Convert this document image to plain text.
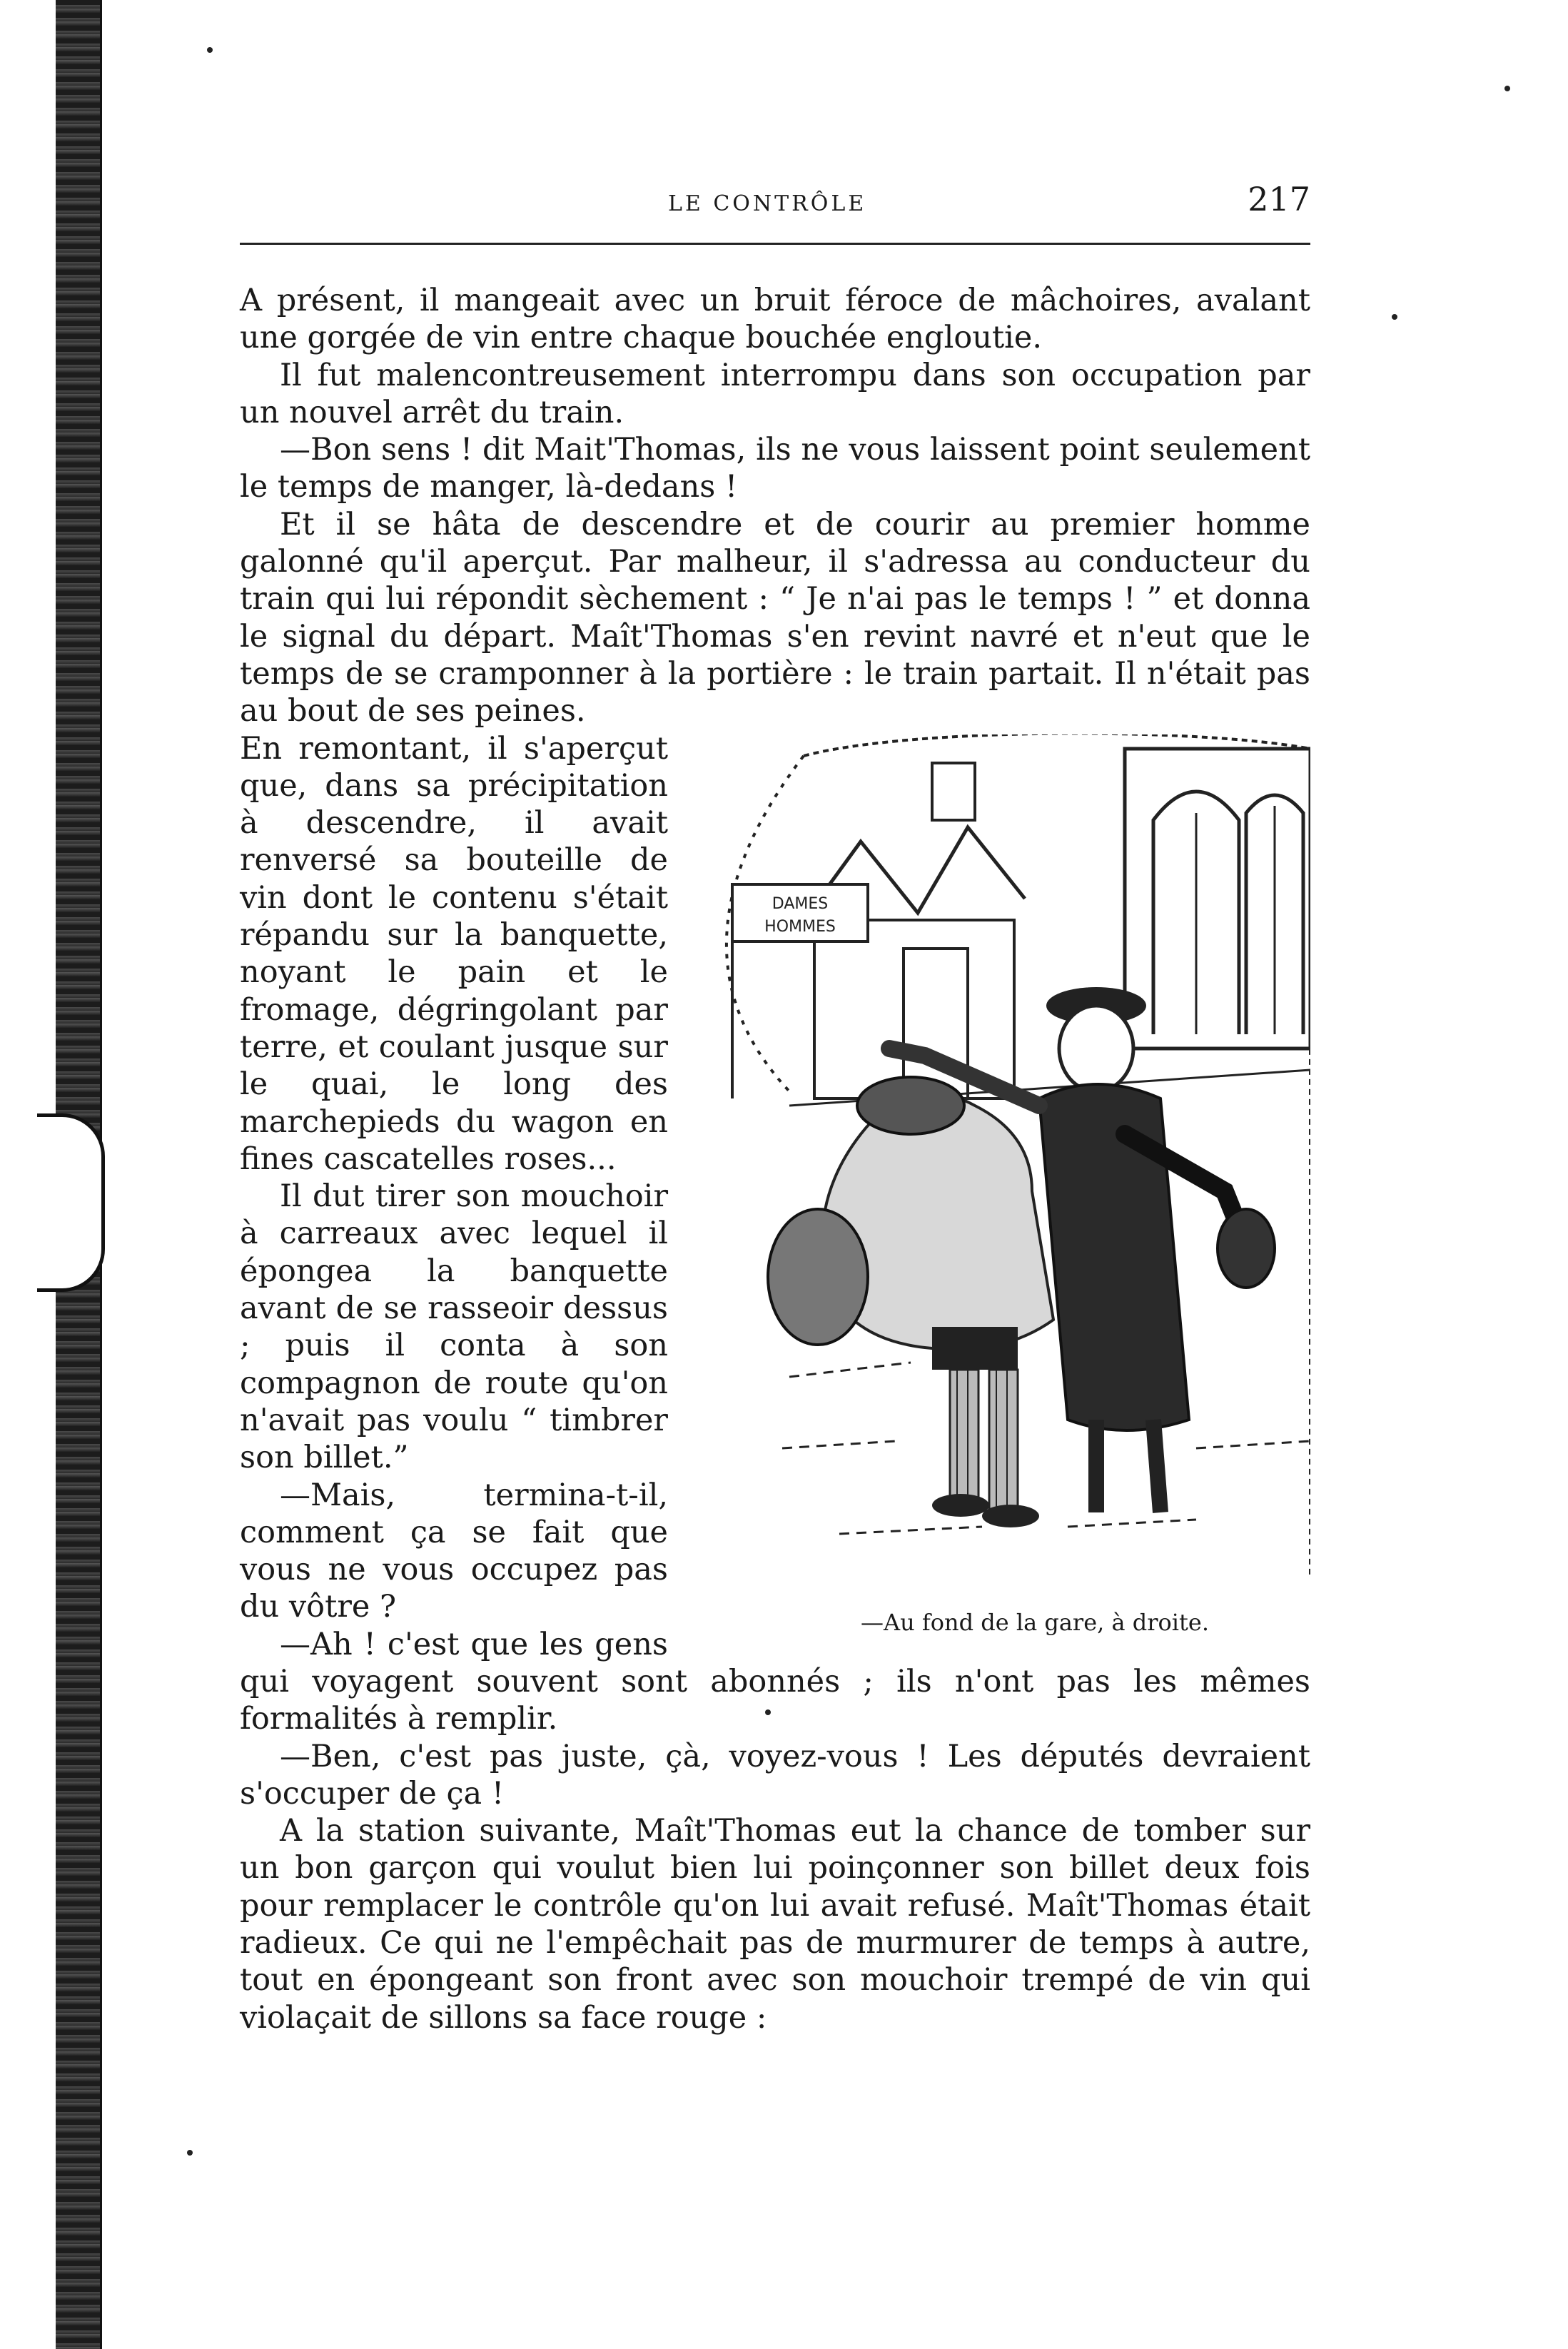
LE CONTRÔLE	217

A présent, il mangeait avec un bruit féroce de mâchoires, avalant une gorgée de vin entre chaque bouchée engloutie.

Il fut malencontreusement interrompu dans son occupation par un nouvel arrêt du train.

—Bon sens ! dit Mait'Thomas, ils ne vous laissent point seulement le temps de manger, là-dedans !

Et il se hâta de descendre et de courir au premier homme galonné qu'il aperçut. Par malheur, il s'adressa au conducteur du train qui lui répondit sèchement : “ Je n'ai pas le temps ! ” et donna le signal du départ. Maît'Thomas s'en revint navré et n'eut que le temps de se cramponner à la portière : le train partait. Il n'était pas au bout de ses peines.

DAMES
HOMMES
—Au fond de la gare, à droite.

En remontant, il s'aperçut que, dans sa précipitation à descendre, il avait renversé sa bouteille de vin dont le contenu s'était répandu sur la banquette, noyant le pain et le fromage, dégringolant par terre, et coulant jusque sur le quai, le long des marchepieds du wagon en fines cascatelles roses...

Il dut tirer son mouchoir à carreaux avec lequel il épongea la banquette avant de se rasseoir dessus ; puis il conta à son compagnon de route qu'on n'avait pas voulu “ timbrer son billet.”

—Mais, termina-t-il, comment ça se fait que vous ne vous occupez pas du vôtre ?

—Ah ! c'est que les gens qui voyagent souvent sont abonnés ; ils n'ont pas les mêmes formalités à remplir.

—Ben, c'est pas juste, çà, voyez-vous ! Les députés devraient s'occuper de ça !

A la station suivante, Maît'Thomas eut la chance de tomber sur un bon garçon qui voulut bien lui poinçonner son billet deux fois pour remplacer le contrôle qu'on lui avait refusé. Maît'Thomas était radieux. Ce qui ne l'empêchait pas de murmurer de temps à autre, tout en épongeant son front avec son mouchoir trempé de vin qui violaçait de sillons sa face rouge :
